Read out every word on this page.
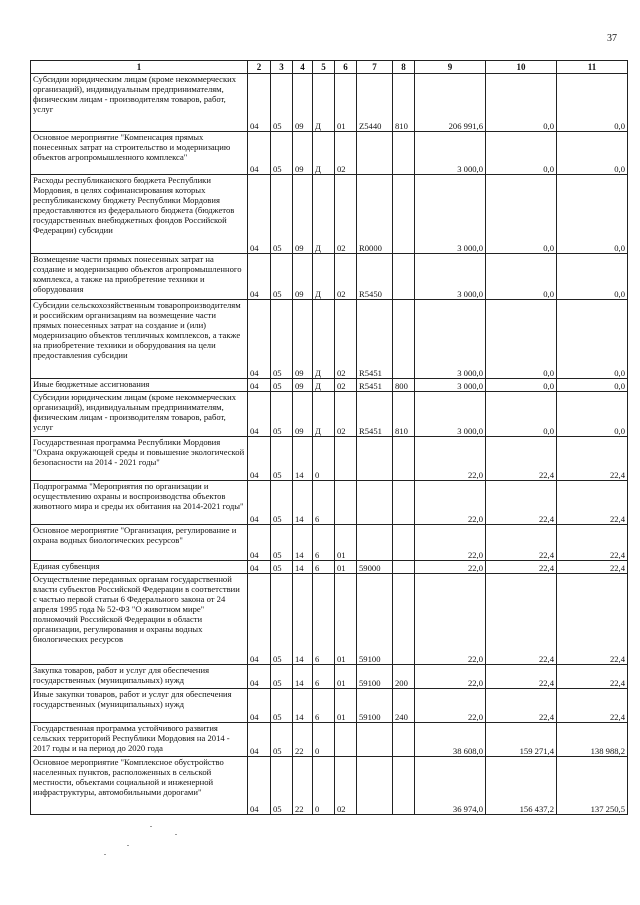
37
1	2	3	4	5	6	7	8	9	10	11
Субсидии юридическим лицам (кроме некоммерческих организаций), индивидуальным предпринимателям, физическим лицам - производителям товаров, работ, услуг	04	05	09	Д	01	Z5440	810	206 991,6	0,0	0,0
Основное мероприятие "Компенсация прямых понесенных затрат на строительство и модернизацию объектов агропромышленного комплекса"	04	05	09	Д	02			3 000,0	0,0	0,0
Расходы республиканского бюджета Республики Мордовия, в целях софинансирования которых республиканскому бюджету Республики Мордовия предоставляются из федерального бюджета (бюджетов государственных внебюджетных фондов Российской Федерации) субсидии	04	05	09	Д	02	R0000		3 000,0	0,0	0,0
Возмещение части прямых понесенных затрат на создание и модернизацию объектов агропромышленного комплекса, а также на приобретение техники и оборудования	04	05	09	Д	02	R5450		3 000,0	0,0	0,0
Субсидии сельскохозяйственным товаропроизводителям и российским организациям на возмещение части прямых понесенных затрат на создание и (или) модернизацию объектов тепличных комплексов, а также на приобретение техники и оборудования на цели предоставления субсидии	04	05	09	Д	02	R5451		3 000,0	0,0	0,0
Иные бюджетные ассигнования	04	05	09	Д	02	R5451	800	3 000,0	0,0	0,0
Субсидии юридическим лицам (кроме некоммерческих организаций), индивидуальным предпринимателям, физическим лицам - производителям товаров, работ, услуг	04	05	09	Д	02	R5451	810	3 000,0	0,0	0,0
Государственная программа Республики Мордовия "Охрана окружающей среды и повышение экологической безопасности на 2014 - 2021 годы"	04	05	14	0				22,0	22,4	22,4
Подпрограмма "Мероприятия по организации и осуществлению охраны и воспроизводства объектов животного мира и среды их обитания на 2014-2021 годы"	04	05	14	6				22,0	22,4	22,4
Основное мероприятие "Организация, регулирование и охрана водных биологических ресурсов"	04	05	14	6	01			22,0	22,4	22,4
Единая субвенция	04	05	14	6	01	59000		22,0	22,4	22,4
Осуществление переданных органам государственной власти субъектов Российской Федерации в соответствии с частью первой статьи 6 Федерального закона от 24 апреля 1995 года № 52-ФЗ "О животном мире" полномочий Российской Федерации в области организации, регулирования и охраны водных биологических ресурсов	04	05	14	6	01	59100		22,0	22,4	22,4
Закупка товаров, работ и услуг для обеспечения государственных (муниципальных) нужд	04	05	14	6	01	59100	200	22,0	22,4	22,4
Иные закупки товаров, работ и услуг для обеспечения государственных (муниципальных) нужд	04	05	14	6	01	59100	240	22,0	22,4	22,4
Государственная программа устойчивого развития сельских территорий Республики Мордовия на 2014 - 2017 годы и на период до 2020 года	04	05	22	0				38 608,0	159 271,4	138 988,2
Основное мероприятие "Комплексное обустройство населенных пунктов, расположенных в сельской местности, объектами социальной и инженерной инфраструктуры, автомобильными дорогами"	04	05	22	0	02			36 974,0	156 437,2	137 250,5
